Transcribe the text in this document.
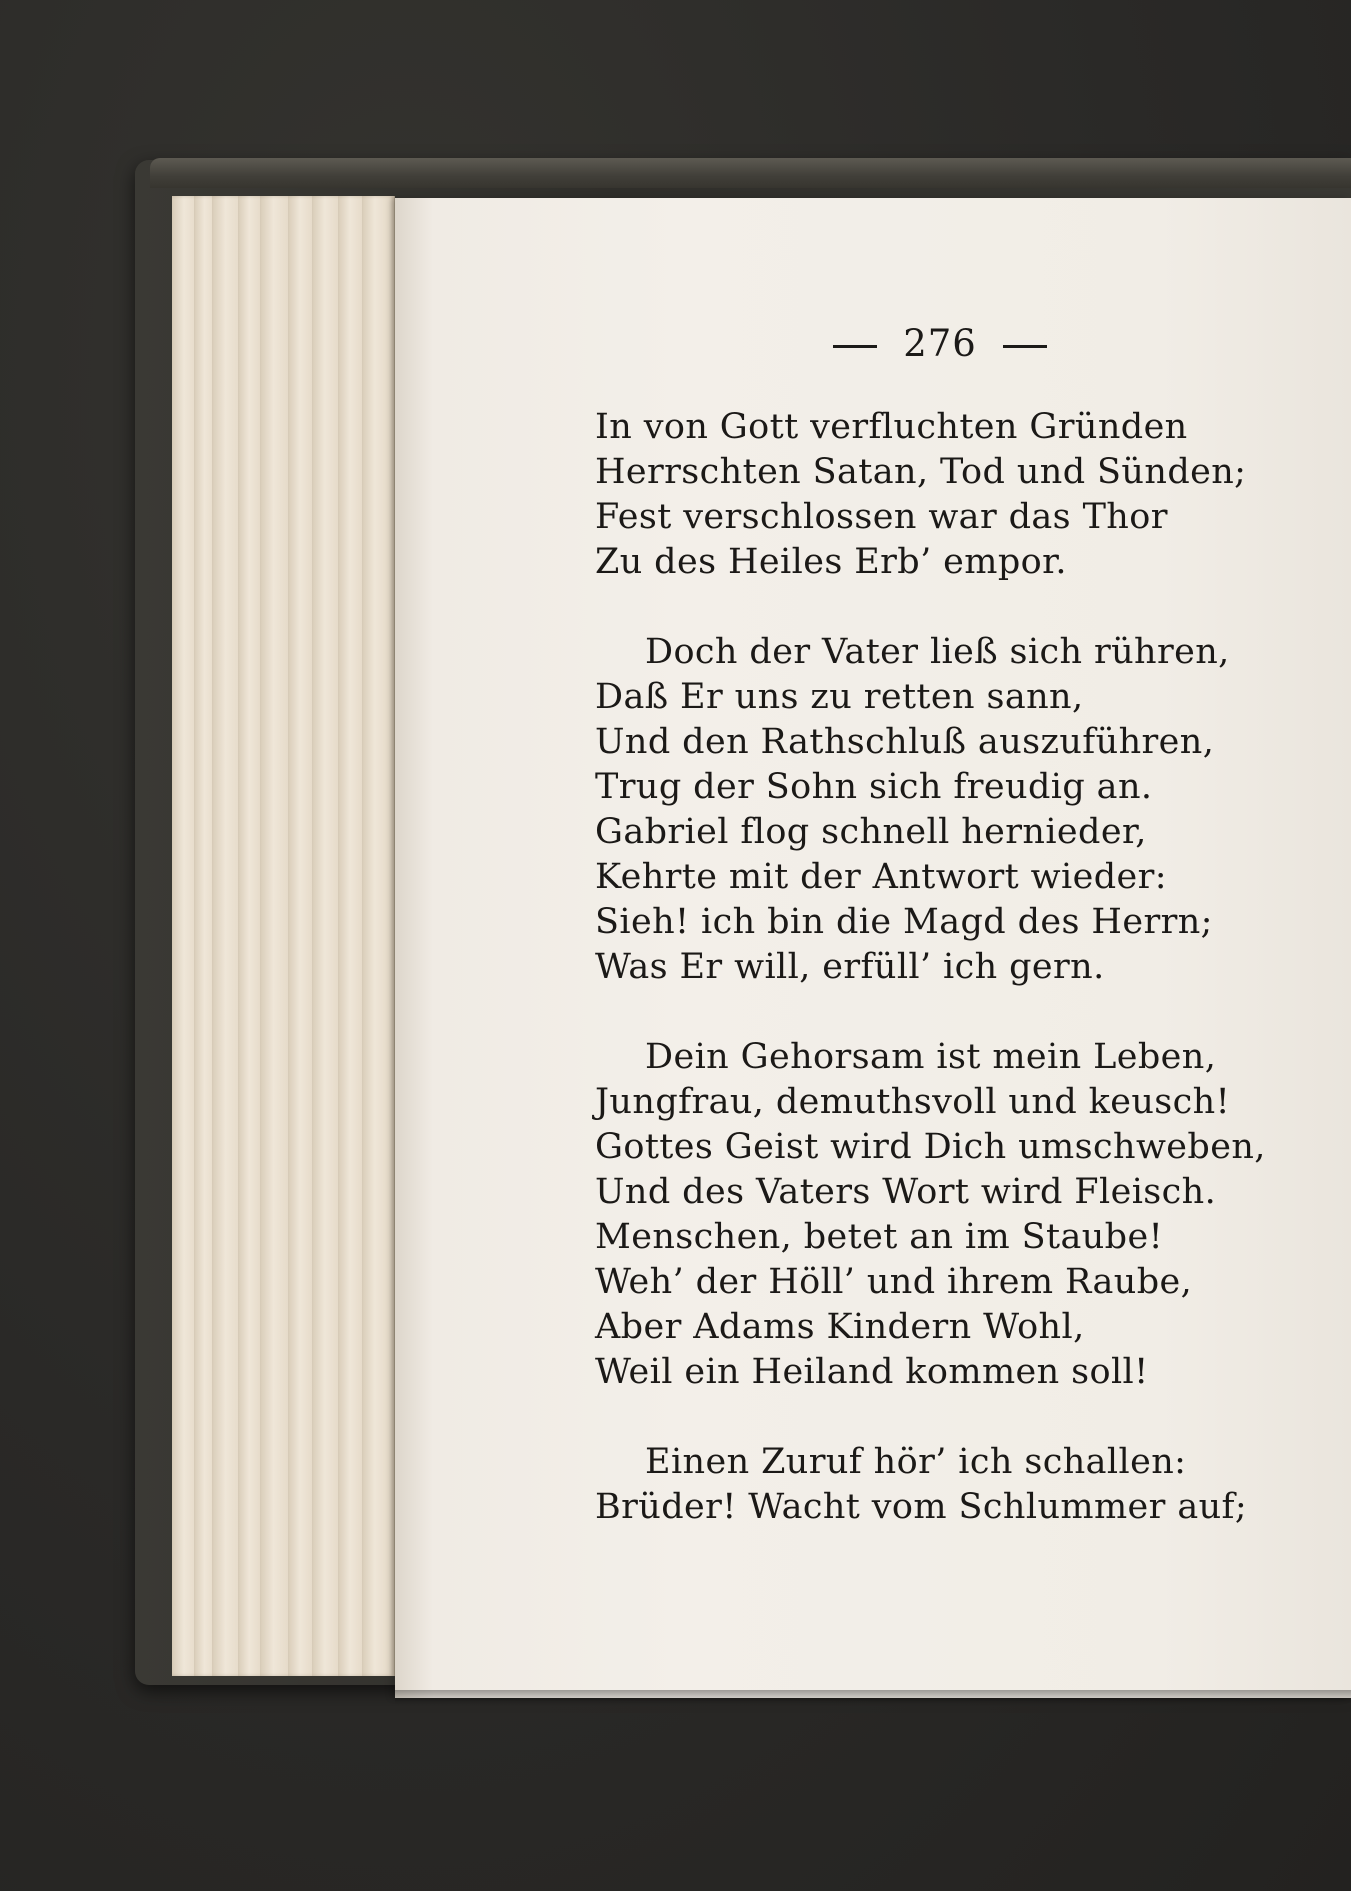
276
In von Gott verfluchten Gründen
Herrschten Satan, Tod und Sünden;
Fest verschlossen war das Thor
Zu des Heiles Erb’ empor.
Doch der Vater ließ sich rühren,
Daß Er uns zu retten sann,
Und den Rathschluß auszuführen,
Trug der Sohn sich freudig an.
Gabriel flog schnell hernieder,
Kehrte mit der Antwort wieder:
Sieh! ich bin die Magd des Herrn;
Was Er will, erfüll’ ich gern.
Dein Gehorsam ist mein Leben,
Jungfrau, demuthsvoll und keusch!
Gottes Geist wird Dich umschweben,
Und des Vaters Wort wird Fleisch.
Menschen, betet an im Staube!
Weh’ der Höll’ und ihrem Raube,
Aber Adams Kindern Wohl,
Weil ein Heiland kommen soll!
Einen Zuruf hör’ ich schallen:
Brüder! Wacht vom Schlummer auf;
